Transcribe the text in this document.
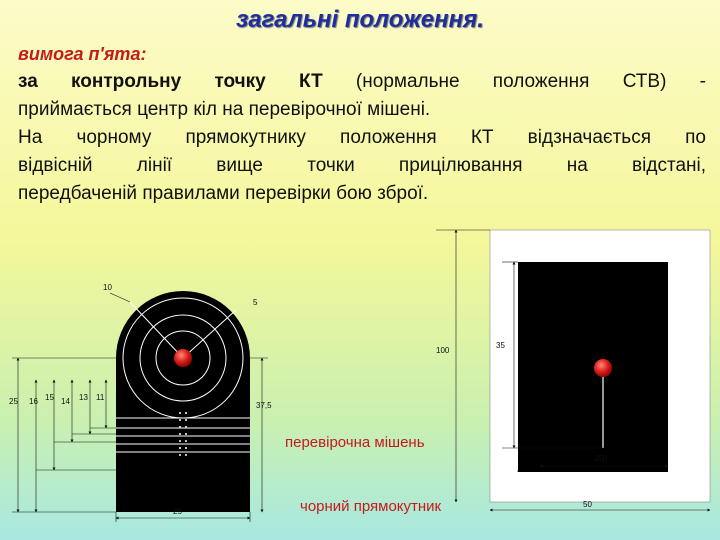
загальні положення.
вимога п'ята:
за контрольну точку КТ (нормальне положення СТВ) -
приймається центр кіл на перевірочної мішені.
На чорному прямокутнику положення КТ відзначається по
відвісній лінії вище точки прицілювання на відстані,
передбаченій правилами перевірки бою зброї.
10
5
25 16 15 14 13 11
37,5
25
100
35
250
50
перевірочна мішень
чорний прямокутник
